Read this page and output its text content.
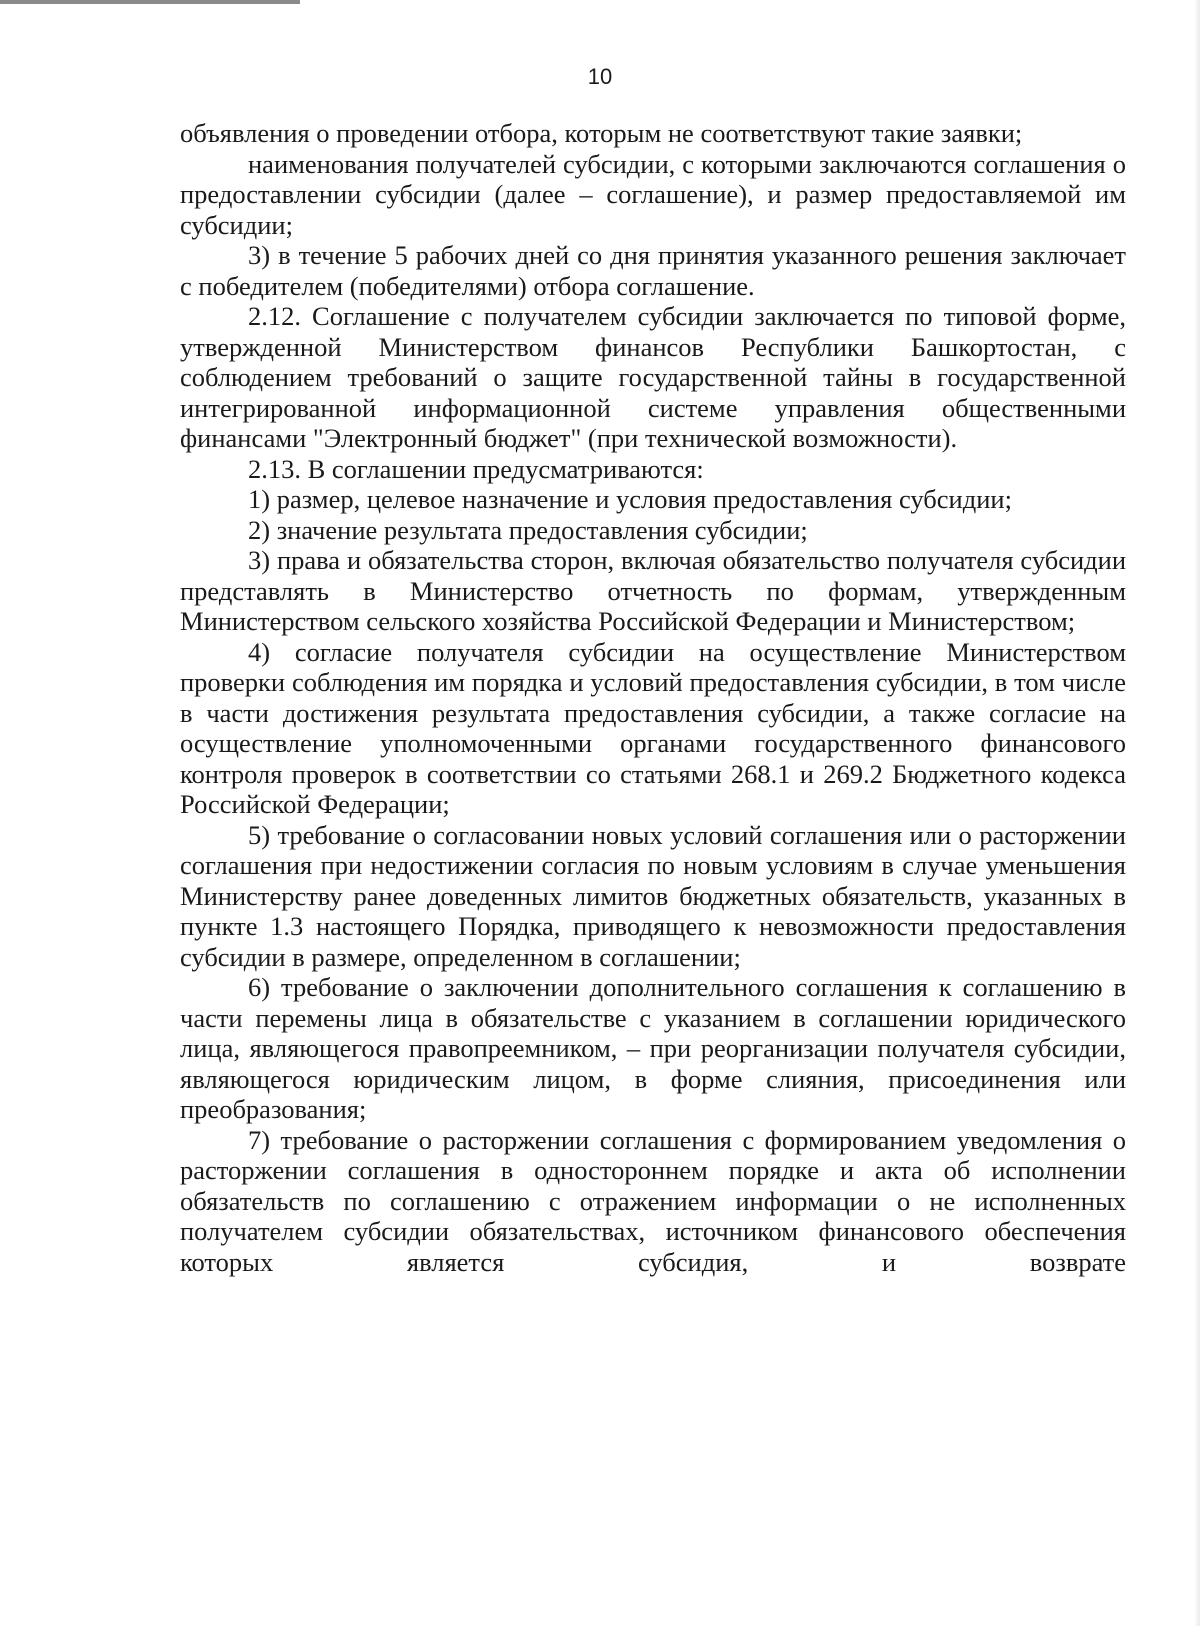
10

объявления о проведении отбора, которым не соответствуют такие заявки;

наименования получателей субсидии, с которыми заключаются соглашения о предоставлении субсидии (далее – соглашение), и размер предоставляемой им субсидии;

3) в течение 5 рабочих дней со дня принятия указанного решения заключает с победителем (победителями) отбора соглашение.

2.12. Соглашение с получателем субсидии заключается по типовой форме, утвержденной Министерством финансов Республики Башкортостан, с соблюдением требований о защите государственной тайны в государственной интегрированной информационной системе управления общественными финансами "Электронный бюджет" (при технической возможности).

2.13. В соглашении предусматриваются:

1) размер, целевое назначение и условия предоставления субсидии;

2) значение результата предоставления субсидии;

3) права и обязательства сторон, включая обязательство получателя субсидии представлять в Министерство отчетность по формам, утвержденным Министерством сельского хозяйства Российской Федерации и Министерством;

4) согласие получателя субсидии на осуществление Министерством проверки соблюдения им порядка и условий предоставления субсидии, в том числе в части достижения результата предоставления субсидии, а также согласие на осуществление уполномоченными органами государственного финансового контроля проверок в соответствии со статьями 268.1 и 269.2 Бюджетного кодекса Российской Федерации;

5) требование о согласовании новых условий соглашения или о расторжении соглашения при недостижении согласия по новым условиям в случае уменьшения Министерству ранее доведенных лимитов бюджетных обязательств, указанных в пункте 1.3 настоящего Порядка, приводящего к невозможности предоставления субсидии в размере, определенном в соглашении;

6) требование о заключении дополнительного соглашения к соглашению в части перемены лица в обязательстве с указанием в соглашении юридического лица, являющегося правопреемником, – при реорганизации получателя субсидии, являющегося юридическим лицом, в форме слияния, присоединения или преобразования;

7) требование о расторжении соглашения с формированием уведомления о расторжении соглашения в одностороннем порядке и акта об исполнении обязательств по соглашению с отражением информации о не исполненных получателем субсидии обязательствах, источником финансового обеспечения которых является субсидия, и возврате
